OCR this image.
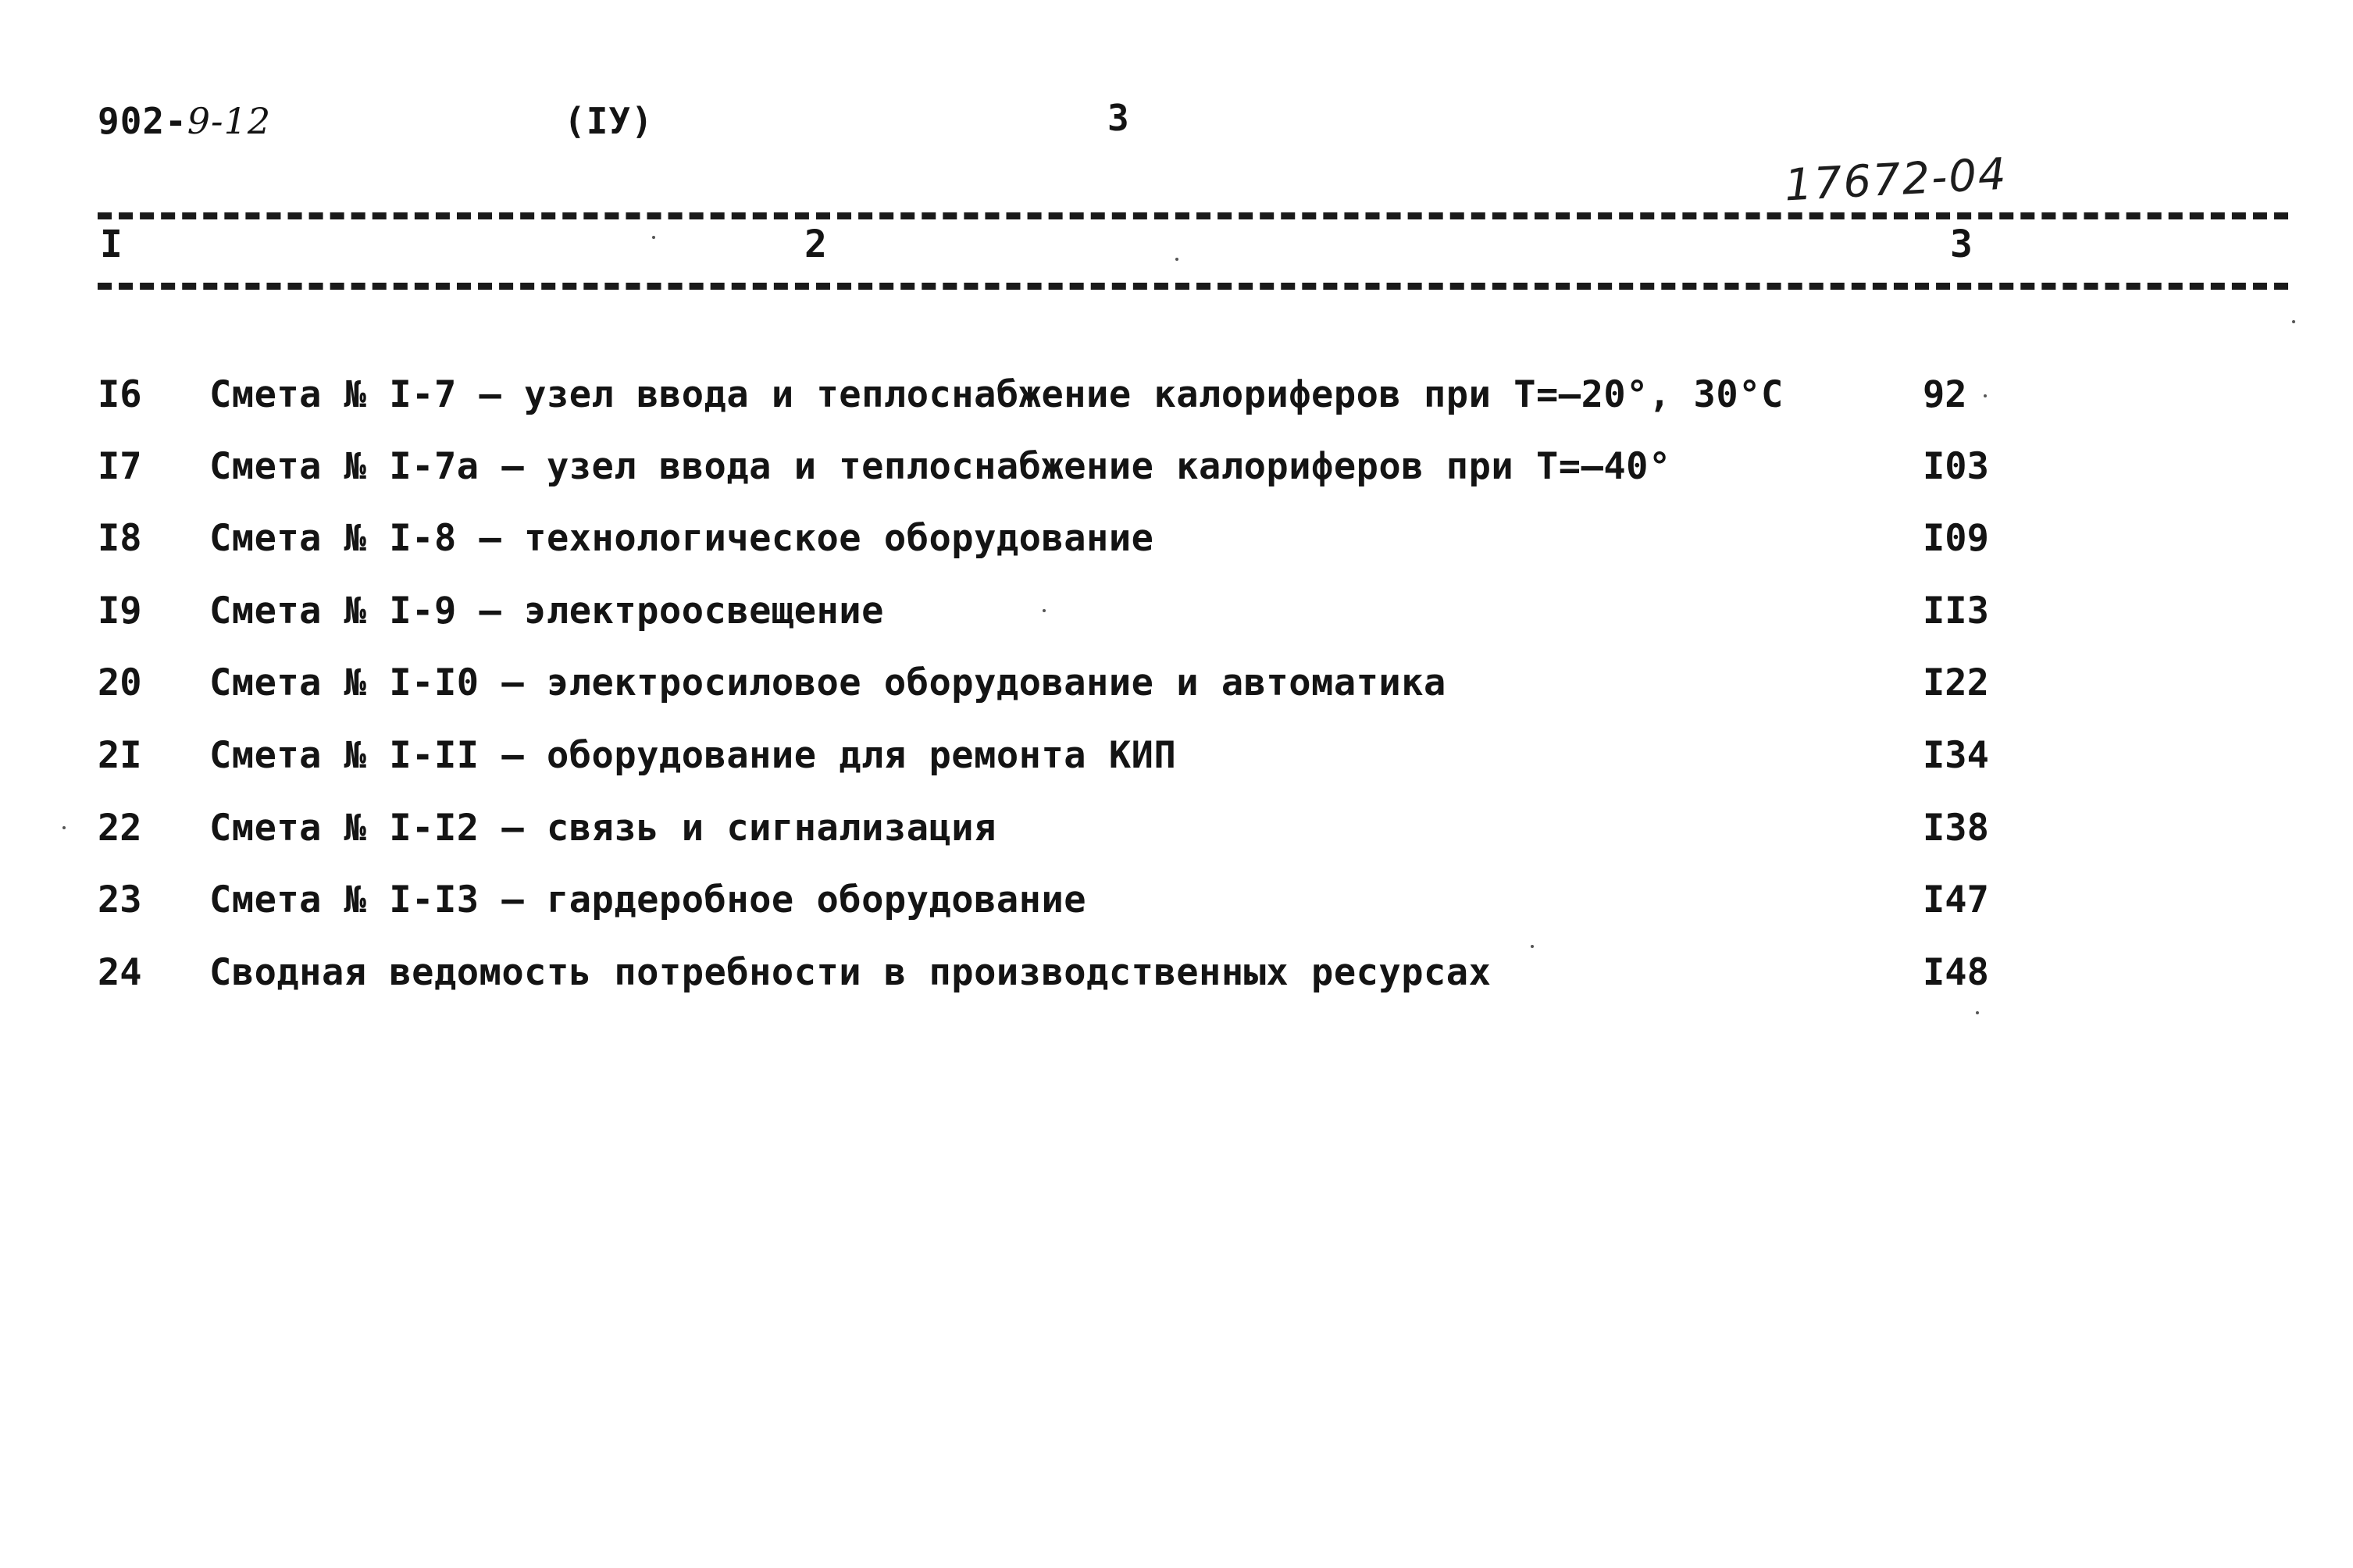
902-9-12	(IУ)	3
17672-04
I	2	3
I6 Смета № I-7 – узел ввода и теплоснабжение калориферов при Т=–20°, 30°С	92
I7 Смета № I-7а – узел ввода и теплоснабжение калориферов при Т=–40°	I03
I8 Смета № I-8 – технологическое оборудование	I09
I9 Смета № I-9 – электроосвещение	II3
20 Смета № I-I0 – электросиловое оборудование и автоматика	I22
2I Смета № I-II – оборудование для ремонта КИП	I34
22 Смета № I-I2 – связь и сигнализация	I38
23 Смета № I-I3 – гардеробное оборудование	I47
24 Сводная ведомость потребности в производственных ресурсах	I48
